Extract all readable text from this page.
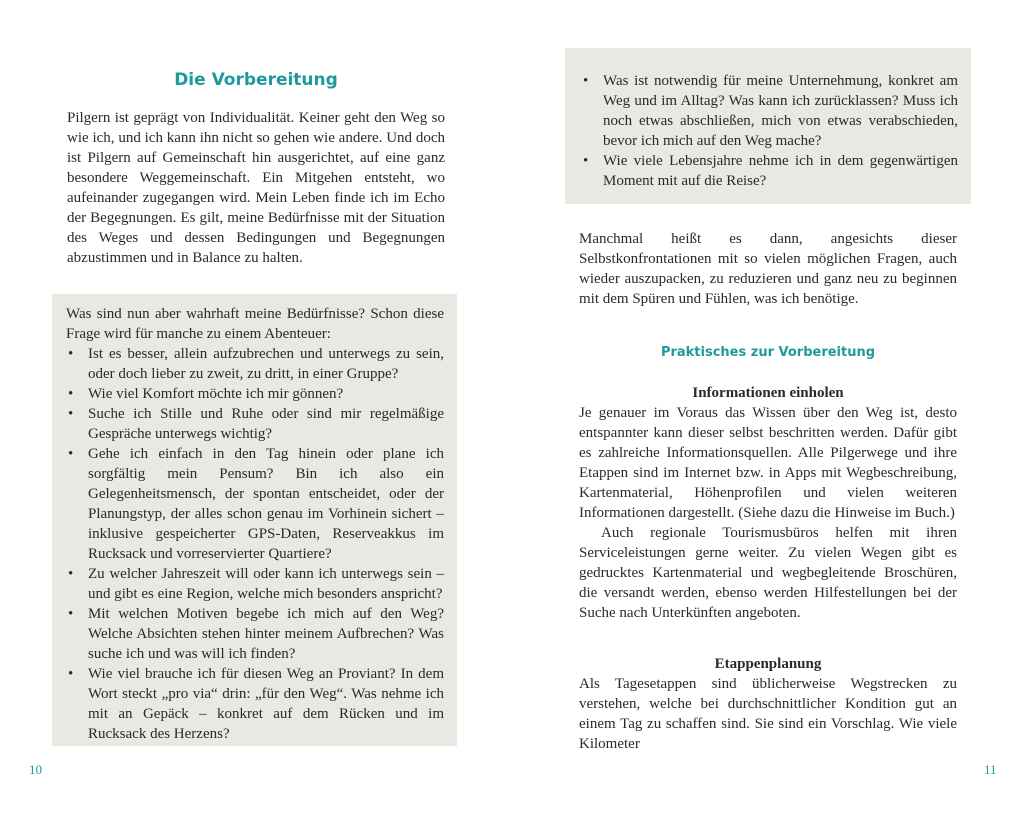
Die Vorbereitung

Pilgern ist geprägt von Individualität. Keiner geht den Weg so wie ich, und ich kann ihn nicht so gehen wie andere. Und doch ist Pilgern auf Gemeinschaft hin ausgerichtet, auf eine ganz besondere Weggemeinschaft. Ein Mitgehen entsteht, wo aufeinander zugegangen wird. Mein Leben finde ich im Echo der Begegnungen. Es gilt, meine Bedürfnisse mit der Situation des Weges und dessen Bedingungen und Begegnungen abzustimmen und in Balance zu halten.

Was sind nun aber wahrhaft meine Bedürfnisse? Schon diese Frage wird für manche zu einem Abenteuer:

• Ist es besser, allein aufzubrechen und unterwegs zu sein, oder doch lieber zu zweit, zu dritt, in einer Gruppe?
• Wie viel Komfort möchte ich mir gönnen?
• Suche ich Stille und Ruhe oder sind mir regelmäßige Gespräche unterwegs wichtig?
• Gehe ich einfach in den Tag hinein oder plane ich sorgfältig mein Pensum? Bin ich also ein Gelegenheitsmensch, der spontan entscheidet, oder der Planungstyp, der alles schon genau im Vorhinein sichert – inklusive gespeicherter GPS-Daten, Reserveakkus im Rucksack und vorreservierter Quartiere?
• Zu welcher Jahreszeit will oder kann ich unterwegs sein – und gibt es eine Region, welche mich besonders anspricht?
• Mit welchen Motiven begebe ich mich auf den Weg? Welche Absichten stehen hinter meinem Aufbrechen? Was suche ich und was will ich finden?
• Wie viel brauche ich für diesen Weg an Proviant? In dem Wort steckt „pro via“ drin: „für den Weg“. Was nehme ich mit an Gepäck – konkret auf dem Rücken und im Rucksack des Herzens?
10
• Was ist notwendig für meine Unternehmung, konkret am Weg und im Alltag? Was kann ich zurücklassen? Muss ich noch etwas abschließen, mich von etwas verabschieden, bevor ich mich auf den Weg mache?
• Wie viele Lebensjahre nehme ich in dem gegenwärtigen Moment mit auf die Reise?

Manchmal heißt es dann, angesichts dieser Selbstkonfrontationen mit so vielen möglichen Fragen, auch wieder auszupacken, zu reduzieren und ganz neu zu beginnen mit dem Spüren und Fühlen, was ich benötige.

Praktisches zur Vorbereitung

Informationen einholen

Je genauer im Voraus das Wissen über den Weg ist, desto entspannter kann dieser selbst beschritten werden. Dafür gibt es zahlreiche Informationsquellen. Alle Pilgerwege und ihre Etappen sind im Internet bzw. in Apps mit Wegbeschreibung, Kartenmaterial, Höhenprofilen und vielen weiteren Informationen dargestellt. (Siehe dazu die Hinweise im Buch.)

Auch regionale Tourismusbüros helfen mit ihren Serviceleistungen gerne weiter. Zu vielen Wegen gibt es gedrucktes Kartenmaterial und wegbegleitende Broschüren, die versandt werden, ebenso werden Hilfestellungen bei der Suche nach Unterkünften angeboten.

Etappenplanung

Als Tagesetappen sind üblicherweise Wegstrecken zu verstehen, welche bei durchschnittlicher Kondition gut an einem Tag zu schaffen sind. Sie sind ein Vorschlag. Wie viele Kilometer

11
